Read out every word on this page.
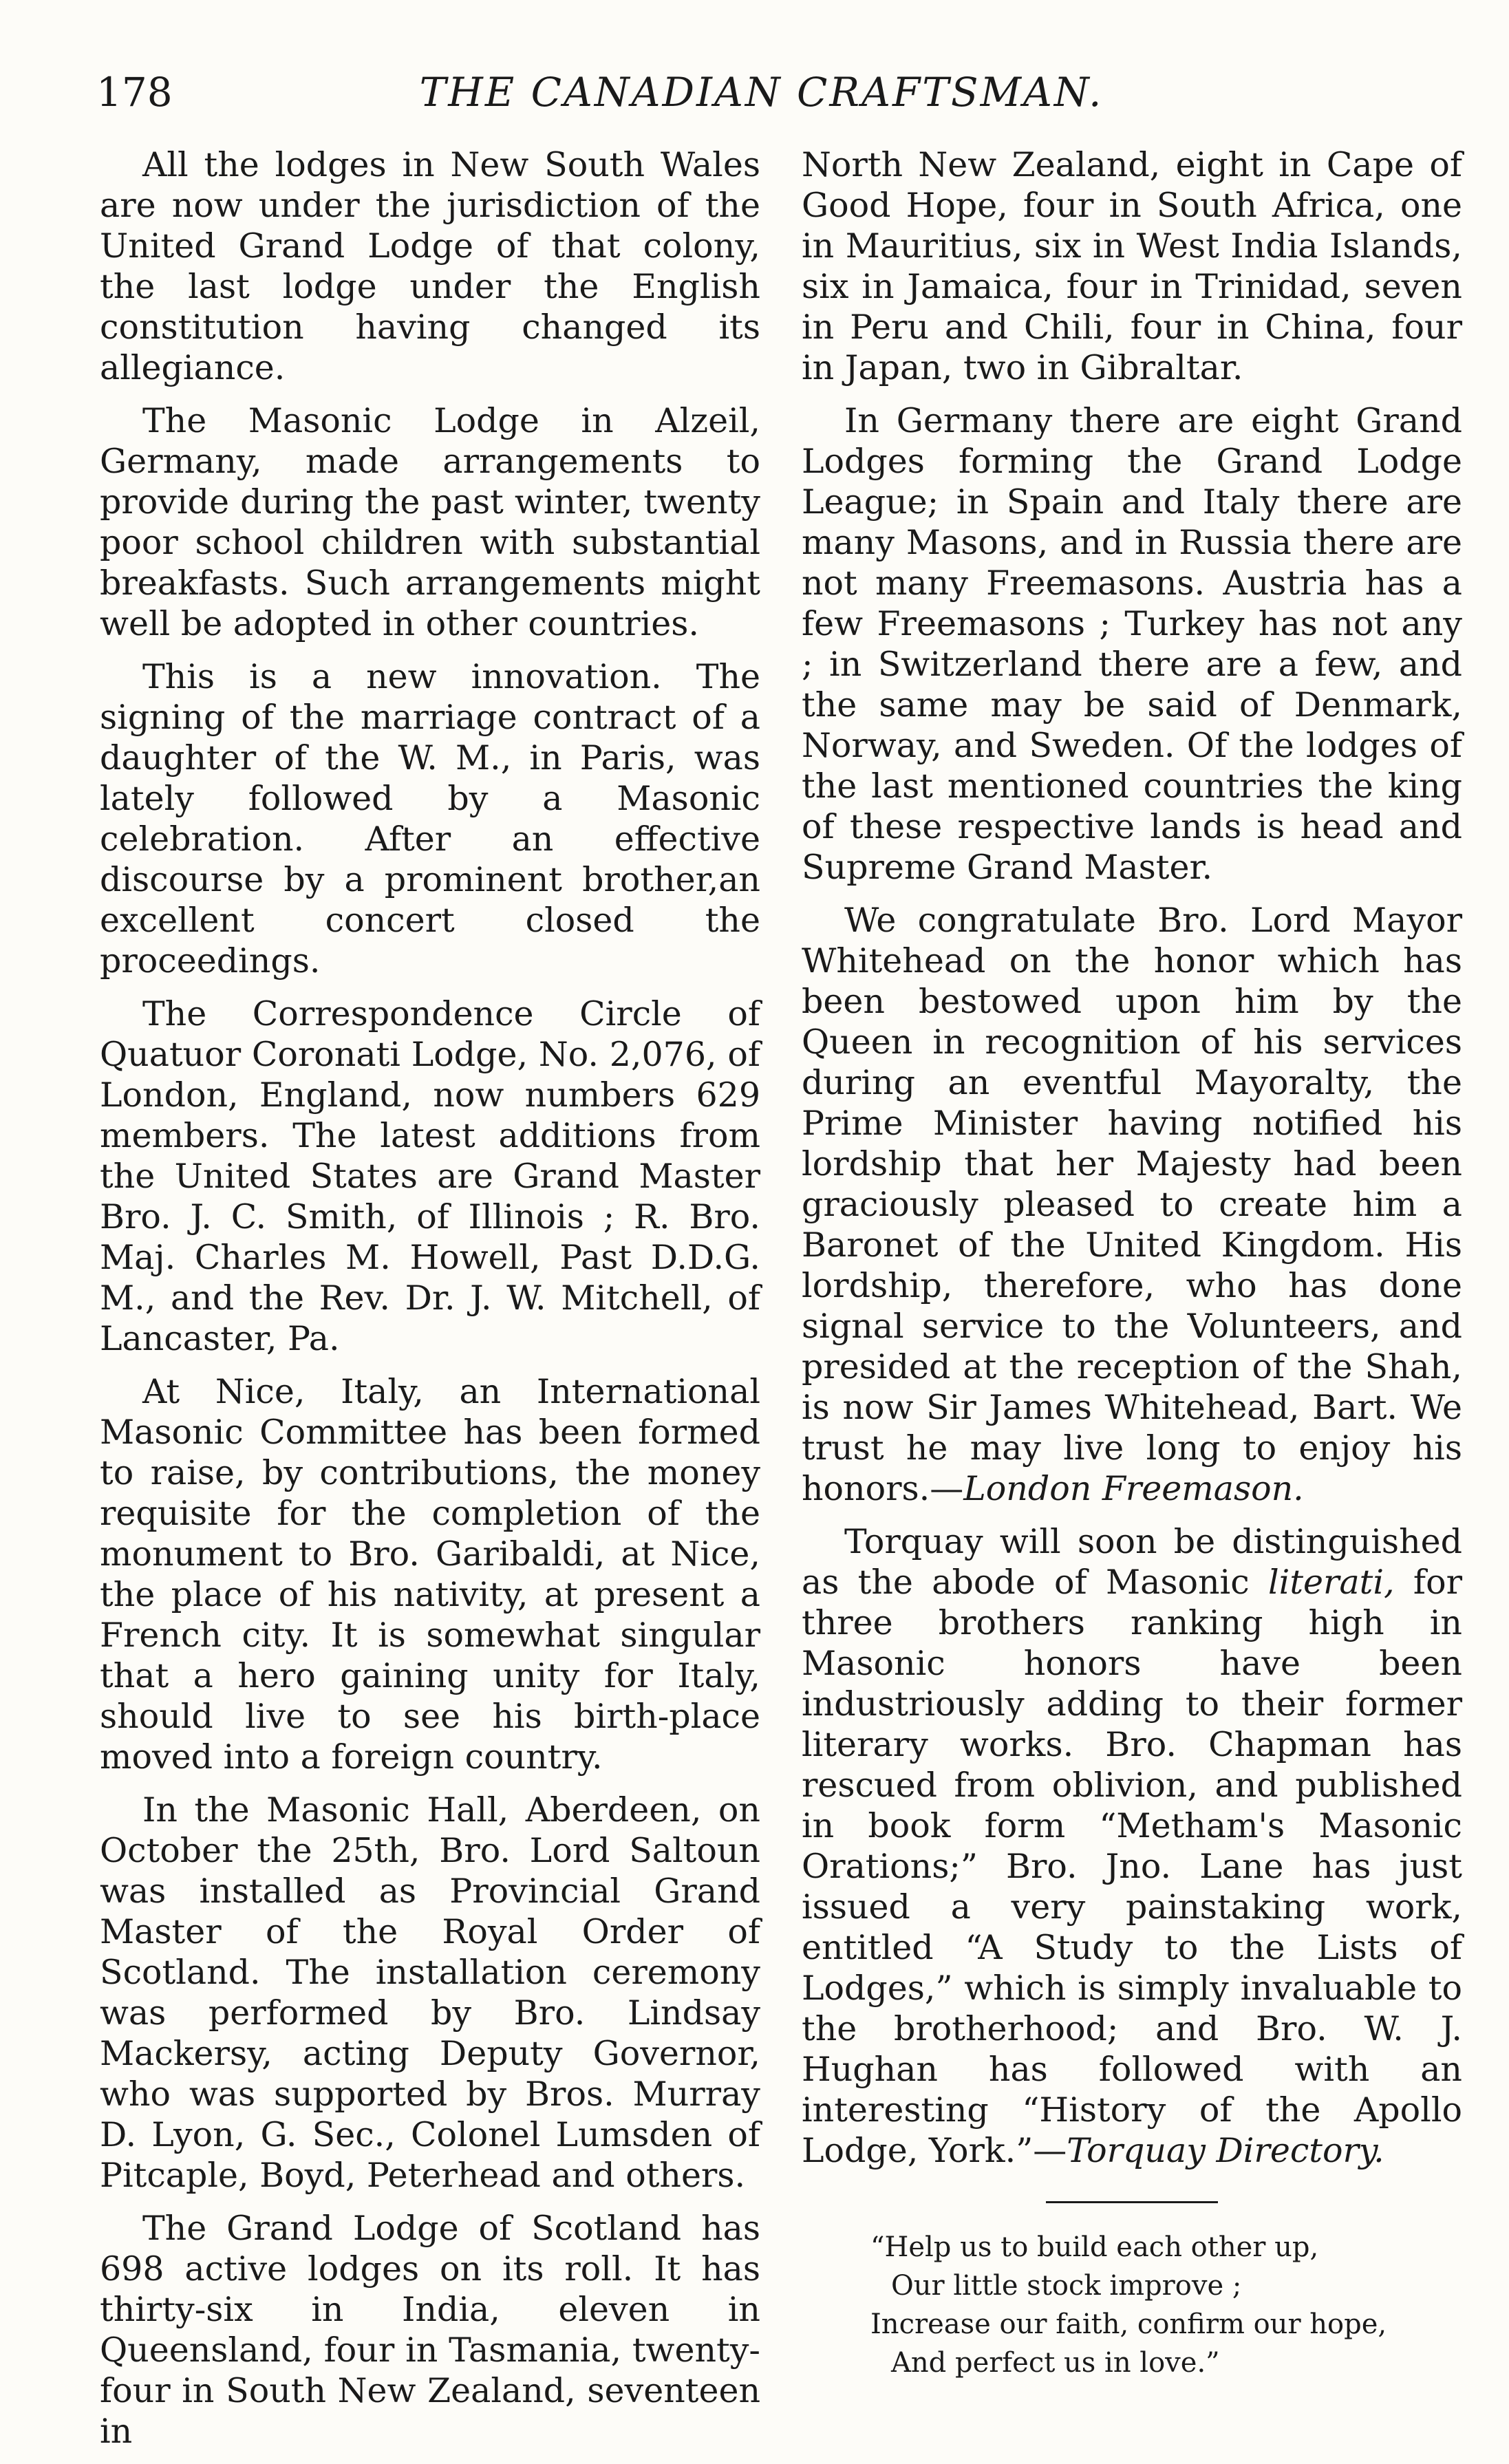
178	THE CANADIAN CRAFTSMAN.

All the lodges in New South Wales are now under the jurisdiction of the United Grand Lodge of that colony, the last lodge under the English constitution having changed its allegiance.

The Masonic Lodge in Alzeil, Germany, made arrangements to provide during the past winter, twenty poor school children with substantial breakfasts. Such arrangements might well be adopted in other countries.

This is a new innovation. The signing of the marriage contract of a daughter of the W. M., in Paris, was lately followed by a Masonic celebration. After an effective discourse by a prominent brother,an excellent concert closed the proceedings.

The Correspondence Circle of Quatuor Coronati Lodge, No. 2,076, of London, England, now numbers 629 members. The latest additions from the United States are Grand Master Bro. J. C. Smith, of Illinois ; R. Bro. Maj. Charles M. Howell, Past D.D.G. M., and the Rev. Dr. J. W. Mitchell, of Lancaster, Pa.

At Nice, Italy, an International Masonic Committee has been formed to raise, by contributions, the money requisite for the completion of the monument to Bro. Garibaldi, at Nice, the place of his nativity, at present a French city. It is somewhat singular that a hero gaining unity for Italy, should live to see his birth-place moved into a foreign country.

In the Masonic Hall, Aberdeen, on October the 25th, Bro. Lord Saltoun was installed as Provincial Grand Master of the Royal Order of Scotland. The installation ceremony was performed by Bro. Lindsay Mackersy, acting Deputy Governor, who was supported by Bros. Murray D. Lyon, G. Sec., Colonel Lumsden of Pitcaple, Boyd, Peterhead and others.

The Grand Lodge of Scotland has 698 active lodges on its roll. It has thirty-six in India, eleven in Queensland, four in Tasmania, twenty-four in South New Zealand, seventeen in

North New Zealand, eight in Cape of Good Hope, four in South Africa, one in Mauritius, six in West India Islands, six in Jamaica, four in Trinidad, seven in Peru and Chili, four in China, four in Japan, two in Gibraltar.

In Germany there are eight Grand Lodges forming the Grand Lodge League; in Spain and Italy there are many Masons, and in Russia there are not many Freemasons. Austria has a few Freemasons ; Turkey has not any ; in Switzerland there are a few, and the same may be said of Denmark, Norway, and Sweden. Of the lodges of the last mentioned countries the king of these respective lands is head and Supreme Grand Master.

We congratulate Bro. Lord Mayor Whitehead on the honor which has been bestowed upon him by the Queen in recognition of his services during an eventful Mayoralty, the Prime Minister having notified his lordship that her Majesty had been graciously pleased to create him a Baronet of the United Kingdom. His lordship, therefore, who has done signal service to the Volunteers, and presided at the reception of the Shah, is now Sir James Whitehead, Bart. We trust he may live long to enjoy his honors.—London Freemason.

Torquay will soon be distinguished as the abode of Masonic literati, for three brothers ranking high in Masonic honors have been industriously adding to their former literary works. Bro. Chapman has rescued from oblivion, and published in book form “Metham's Masonic Orations;” Bro. Jno. Lane has just issued a very painstaking work, entitled “A Study to the Lists of Lodges,” which is simply invaluable to the brotherhood; and Bro. W. J. Hughan has followed with an interesting “History of the Apollo Lodge, York.”—Torquay Directory.

“Help us to build each other up,
Our little stock improve ;
Increase our faith, confirm our hope,
And perfect us in love.”
